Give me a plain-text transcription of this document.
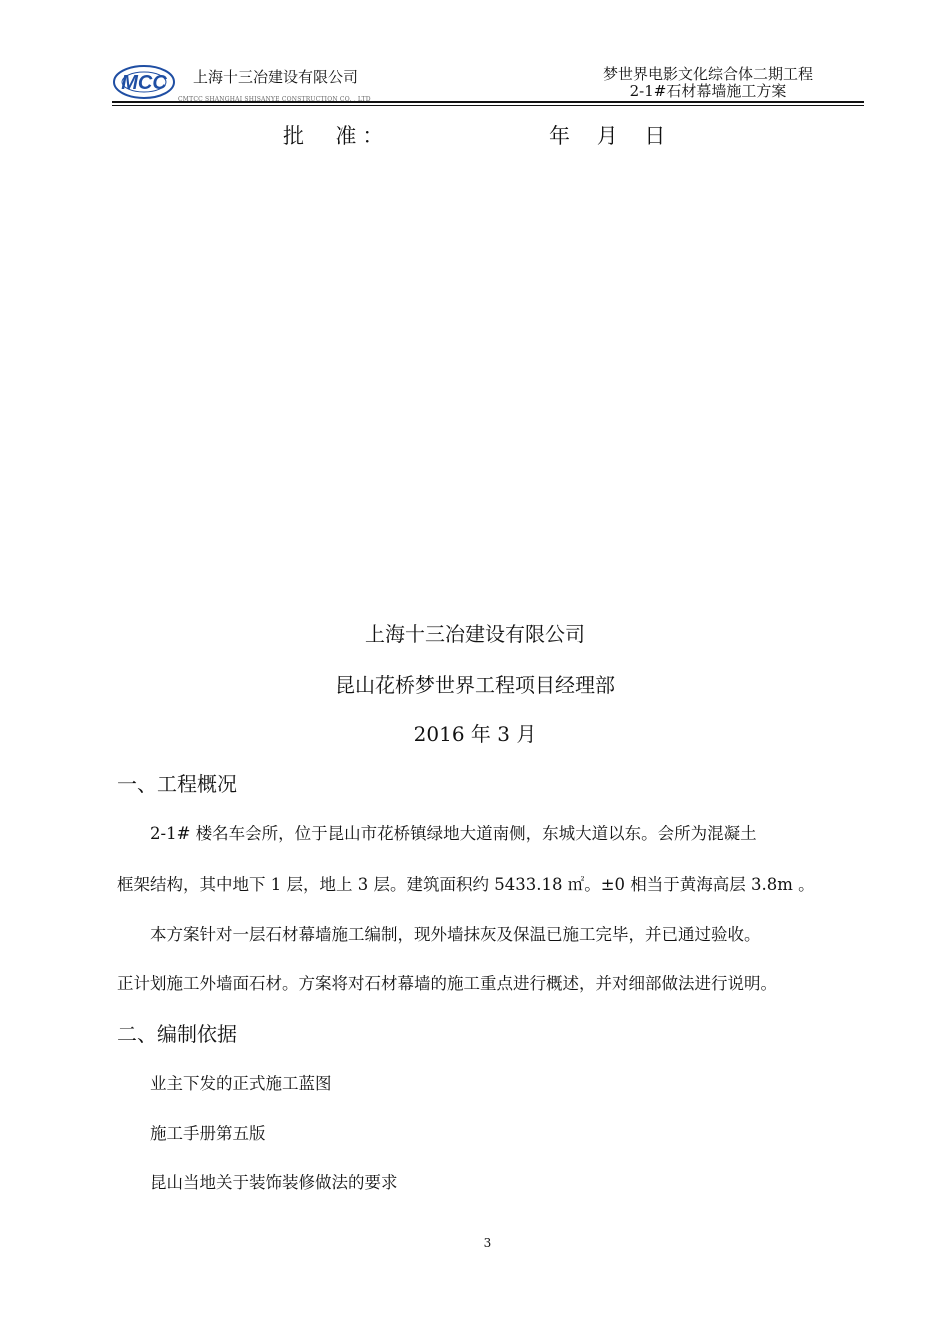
MCC 上海十三冶建设有限公司
CMTCC SHANGHAI SHISANYE CONSTRUCTION CO. , LTD
梦世界电影文化综合体二期工程
2-1#石材幕墙施工方案
批  准：	年    月    日
上海十三冶建设有限公司
昆山花桥梦世界工程项目经理部
2016 年 3 月
一、工程概况
2-1# 楼名车会所，位于昆山市花桥镇绿地大道南侧，东城大道以东。会所为混凝土
框架结构，其中地下 1 层，地上 3 层。建筑面积约 5433.18 ㎡。±0 相当于黄海高层 3.8m 。
本方案针对一层石材幕墙施工编制，现外墙抹灰及保温已施工完毕，并已通过验收。
正计划施工外墙面石材。方案将对石材幕墙的施工重点进行概述，并对细部做法进行说明。
二、编制依据
业主下发的正式施工蓝图
施工手册第五版
昆山当地关于装饰装修做法的要求
3
